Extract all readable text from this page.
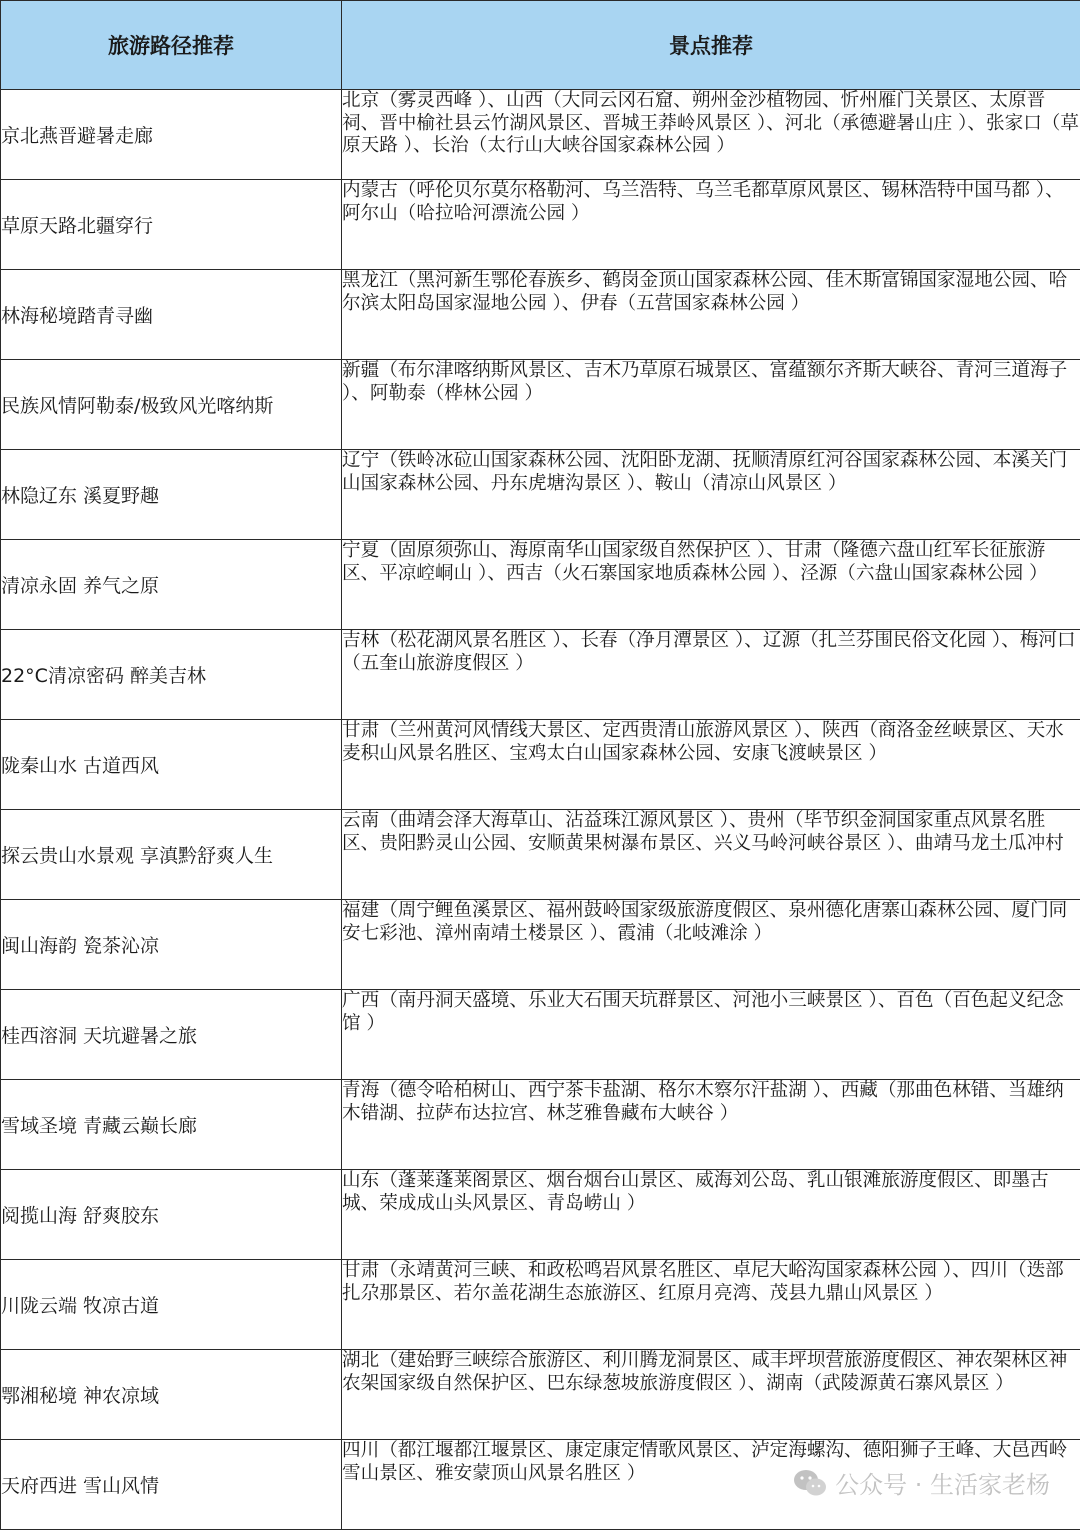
旅游路径推荐	景点推荐
京北燕晋避暑走廊	北京（雾灵西峰 ）、山西（大同云冈石窟、朔州金沙植物园、忻州雁门关景区、太原晋祠、晋中榆社县云竹湖风景区、晋城王莽岭风景区 ）、河北（承德避暑山庄 ）、张家口（草原天路 ）、长治（太行山大峡谷国家森林公园 ）
草原天路北疆穿行	内蒙古（呼伦贝尔莫尔格勒河、乌兰浩特、乌兰毛都草原风景区、锡林浩特中国马都 ）、阿尔山（哈拉哈河漂流公园 ）
林海秘境踏青寻幽	黑龙江（黑河新生鄂伦春族乡、鹤岗金顶山国家森林公园、佳木斯富锦国家湿地公园、哈尔滨太阳岛国家湿地公园 ）、伊春（五营国家森林公园 ）
民族风情阿勒泰/极致风光喀纳斯	新疆（布尔津喀纳斯风景区、吉木乃草原石城景区、富蕴额尔齐斯大峡谷、青河三道海子 ）、阿勒泰（桦林公园 ）
林隐辽东 溪夏野趣	辽宁（铁岭冰砬山国家森林公园、沈阳卧龙湖、抚顺清原红河谷国家森林公园、本溪关门山国家森林公园、丹东虎塘沟景区 ）、鞍山（清凉山风景区 ）
清凉永固 养气之原	宁夏（固原须弥山、海原南华山国家级自然保护区 ）、甘肃（隆德六盘山红军长征旅游区、平凉崆峒山 ）、西吉（火石寨国家地质森林公园 ）、泾源（六盘山国家森林公园 ）
22°C清凉密码 醉美吉林	吉林（松花湖风景名胜区 ）、长春（净月潭景区 ）、辽源（扎兰芬围民俗文化园 ）、梅河口（五奎山旅游度假区 ）
陇秦山水 古道西风	甘肃（兰州黄河风情线大景区、定西贵清山旅游风景区 ）、陕西（商洛金丝峡景区、天水麦积山风景名胜区、宝鸡太白山国家森林公园、安康飞渡峡景区 ）
探云贵山水景观 享滇黔舒爽人生	云南（曲靖会泽大海草山、沾益珠江源风景区 ）、贵州（毕节织金洞国家重点风景名胜区、贵阳黔灵山公园、安顺黄果树瀑布景区、兴义马岭河峡谷景区 ）、曲靖马龙土瓜冲村
闽山海韵 瓷茶沁凉	福建（周宁鲤鱼溪景区、福州鼓岭国家级旅游度假区、泉州德化唐寨山森林公园、厦门同安七彩池、漳州南靖土楼景区 ）、霞浦（北岐滩涂 ）
桂西溶洞 天坑避暑之旅	广西（南丹洞天盛境、乐业大石围天坑群景区、河池小三峡景区 ）、百色（百色起义纪念馆 ）
雪域圣境 青藏云巅长廊	青海（德令哈柏树山、西宁茶卡盐湖、格尔木察尔汗盐湖 ）、西藏（那曲色林错、当雄纳木错湖、拉萨布达拉宫、林芝雅鲁藏布大峡谷 ）
阅揽山海 舒爽胶东	山东（蓬莱蓬莱阁景区、烟台烟台山景区、威海刘公岛、乳山银滩旅游度假区、即墨古城、荣成成山头风景区、青岛崂山 ）
川陇云端 牧凉古道	甘肃（永靖黄河三峡、和政松鸣岩风景名胜区、卓尼大峪沟国家森林公园 ）、四川（迭部扎尕那景区、若尔盖花湖生态旅游区、红原月亮湾、茂县九鼎山风景区 ）
鄂湘秘境 神农凉域	湖北（建始野三峡综合旅游区、利川腾龙洞景区、咸丰坪坝营旅游度假区、神农架林区神农架国家级自然保护区、巴东绿葱坡旅游度假区 ）、湖南（武陵源黄石寨风景区 ）
天府西进 雪山风情	四川（都江堰都江堰景区、康定康定情歌风景区、泸定海螺沟、德阳狮子王峰、大邑西岭雪山景区、雅安蒙顶山风景名胜区 ）	公众号 · 生活家老杨
